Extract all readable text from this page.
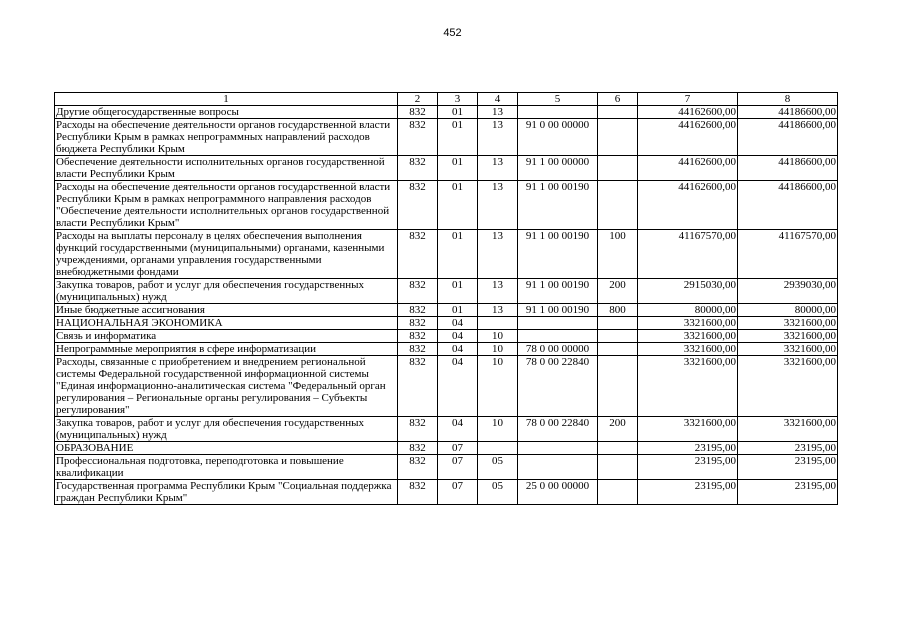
452
1	2	3	4	5	6	7	8
Другие общегосударственные вопросы	832	01	13			44162600,00	44186600,00
Расходы на обеспечение деятельности органов государственной власти Республики Крым в рамках непрограммных направлений расходов бюджета Республики Крым	832	01	13	91 0 00 00000		44162600,00	44186600,00
Обеспечение деятельности исполнительных органов государственной власти Республики Крым	832	01	13	91 1 00 00000		44162600,00	44186600,00
Расходы на обеспечение деятельности органов государственной власти Республики Крым в рамках непрограммного направления расходов "Обеспечение деятельности исполнительных органов государственной власти Республики Крым"	832	01	13	91 1 00 00190		44162600,00	44186600,00
Расходы на выплаты персоналу в целях обеспечения выполнения функций государственными (муниципальными) органами, казенными учреждениями, органами управления государственными внебюджетными фондами	832	01	13	91 1 00 00190	100	41167570,00	41167570,00
Закупка товаров, работ и услуг для обеспечения государственных (муниципальных) нужд	832	01	13	91 1 00 00190	200	2915030,00	2939030,00
Иные бюджетные ассигнования	832	01	13	91 1 00 00190	800	80000,00	80000,00
НАЦИОНАЛЬНАЯ ЭКОНОМИКА	832	04				3321600,00	3321600,00
Связь и информатика	832	04	10			3321600,00	3321600,00
Непрограммные мероприятия в сфере информатизации	832	04	10	78 0 00 00000		3321600,00	3321600,00
Расходы, связанные с приобретением и внедрением региональной системы Федеральной государственной информационной системы "Единая информационно-аналитическая система "Федеральный орган регулирования – Региональные органы регулирования – Субъекты регулирования"	832	04	10	78 0 00 22840		3321600,00	3321600,00
Закупка товаров, работ и услуг для обеспечения государственных (муниципальных) нужд	832	04	10	78 0 00 22840	200	3321600,00	3321600,00
ОБРАЗОВАНИЕ	832	07				23195,00	23195,00
Профессиональная подготовка, переподготовка и повышение квалификации	832	07	05			23195,00	23195,00
Государственная программа Республики Крым "Социальная поддержка граждан Республики Крым"	832	07	05	25 0 00 00000		23195,00	23195,00
